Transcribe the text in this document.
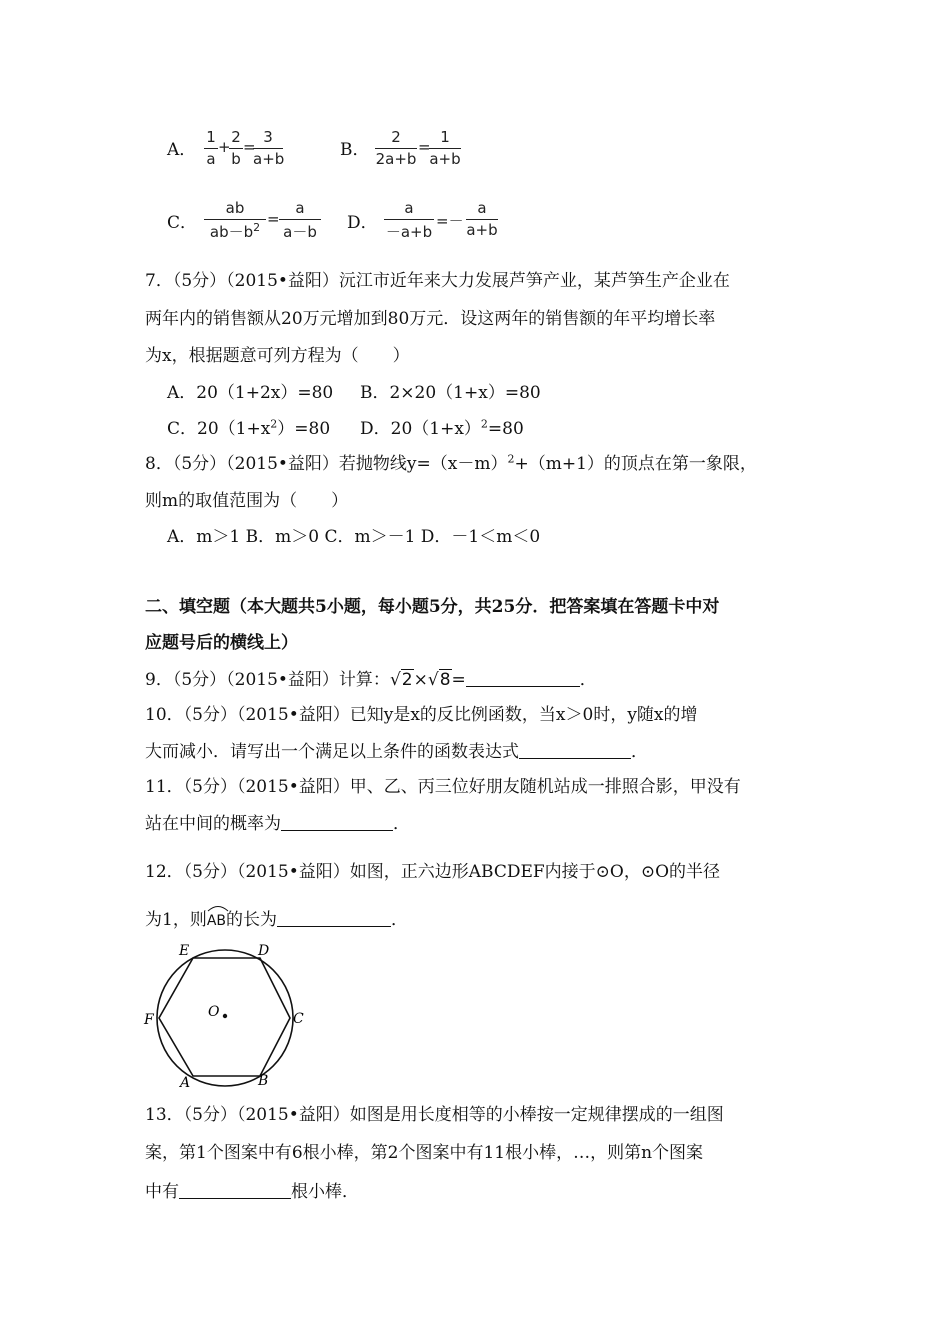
A．
1
a
+
2
b
=
3
a+b	B．
2
2a+b
=
1
a+b
C．
ab
$ab-b^2$ =
a
a－b D．
a
－a+b
=－
a
a+b
7．（5分）（2015•益阳）沅江市近年来大力发展芦笋产业，某芦笋生产企业在
两年内的销售额从20万元增加到80万元．设这两年的销售额的年平均增长率
为x，根据题意可列方程为（　　）
A．20（1+2x）=80 B．2×20（1+x）=80
C．$20(1+x^2)=80$ D．$20(1+x)^2=80$
8．（5分）（2015•益阳）若抛物线$y=(x-m)^2+(m+1)$的顶点在第一象限，
则m的取值范围为（　　）
A．m＞1 B．m＞0 C．m＞－1 D．－1＜m＜0
二、填空题（本大题共5小题，每小题5分，共25分．把答案填在答题卡中对
应题号后的横线上）
9．（5分）（2015•益阳）计算：√2×√8=	．
10．（5分）（2015•益阳）已知y是x的反比例函数，当x＞0时，y随x的增
大而减小．请写出一个满足以上条件的函数表达式	．
11．（5分）（2015•益阳）甲、乙、丙三位好朋友随机站成一排照合影，甲没有
站在中间的概率为	．
12．（5分）（2015•益阳）如图，正六边形ABCDEF内接于⊙O，⊙O的半径
为1，则
AB的长为	．
O
E	D
C
F
A	B
13．（5分）（2015•益阳）如图是用长度相等的小棒按一定规律摆成的一组图
案，第1个图案中有6根小棒，第2个图案中有11根小棒，…，则第n个图案
中有	根小棒．
